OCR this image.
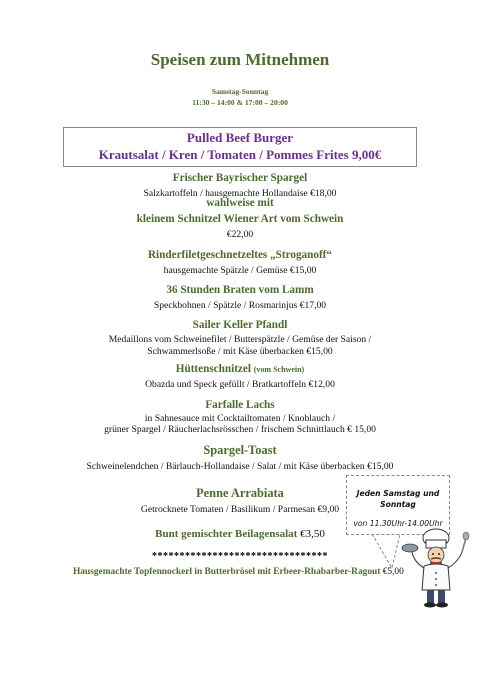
Speisen zum Mitnehmen
Samstag-Sonntag
11:30 – 14:00 & 17:00 – 20:00
Pulled Beef Burger
Krautsalat / Kren / Tomaten / Pommes Frites 9,00€
Frischer Bayrischer Spargel
Salzkartoffeln / hausgemachte Hollandaise €18,00
wahlweise mit
kleinem Schnitzel Wiener Art vom Schwein
€22,00
Rinderfiletgeschnetzeltes „Stroganoff“
hausgemachte Spätzle / Gemüse €15,00
36 Stunden Braten vom Lamm
Speckbohnen / Spätzle / Rosmarinjus €17,00
Sailer Keller Pfandl
Medaillons vom Schweinefilet / Butterspätzle / Gemüse der Saison /
Schwammerlsoße / mit Käse überbacken €15,00
Hüttenschnitzel (vom Schwein)
Obazda und Speck gefüllt / Bratkartoffeln €12,00
Farfalle Lachs
in Sahnesauce mit Cocktailtomaten / Knoblauch /
grüner Spargel / Räucherlachsrösschen / frischem Schnittlauch € 15,00
Spargel-Toast
Schweinelendchen / Bärlauch-Hollandaise / Salat / mit Käse überbacken €15,00
Penne Arrabiata
Getrocknete Tomaten / Basilikum / Parmesan €9,00
Bunt gemischter Beilagensalat €3,50
********************************
Hausgemachte Topfennockerl in Butterbrösel mit Erbeer-Rhabarber-Ragout €5,00
Jeden Samstag und
Sonntag
von 11.30Uhr-14.00Uhr
